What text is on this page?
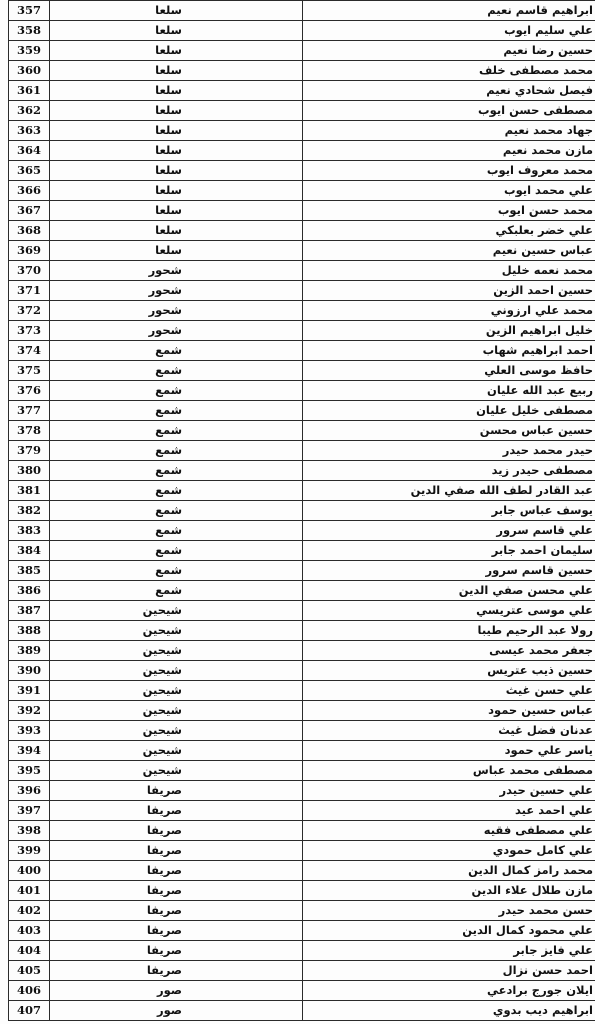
357	سلعا	ابراهيم قاسم نعيم
358	سلعا	علي سليم ايوب
359	سلعا	حسين رضا نعيم
360	سلعا	محمد مصطفى خلف
361	سلعا	فيصل شحادي نعيم
362	سلعا	مصطفى حسن ايوب
363	سلعا	جهاد محمد نعيم
364	سلعا	مازن محمد نعيم
365	سلعا	محمد معروف ايوب
366	سلعا	علي محمد ايوب
367	سلعا	محمد حسن ايوب
368	سلعا	علي خضر بعلبكي
369	سلعا	عباس حسين نعيم
370	شحور	محمد نعمه خليل
371	شحور	حسين احمد الزين
372	شحور	محمد علي ارزوني
373	شحور	خليل ابراهيم الزين
374	شمع	احمد ابراهيم شهاب
375	شمع	حافظ موسى العلي
376	شمع	ربيع عبد الله عليان
377	شمع	مصطفى خليل عليان
378	شمع	حسين عباس محسن
379	شمع	حيدر محمد حيدر
380	شمع	مصطفى حيدر زيد
381	شمع	عبد القادر لطف الله صفي الدين
382	شمع	يوسف عباس جابر
383	شمع	علي قاسم سرور
384	شمع	سليمان احمد جابر
385	شمع	حسين قاسم سرور
386	شمع	علي محسن صفي الدين
387	شيحين	علي موسى عتريسي
388	شيحين	رولا عبد الرحيم طيبا
389	شيحين	جعفر محمد عيسى
390	شيحين	حسين ذيب عتريس
391	شيحين	علي حسن غيث
392	شيحين	عباس حسين حمود
393	شيحين	عدنان فضل غيث
394	شيحين	ياسر علي حمود
395	شيحين	مصطفى محمد عباس
396	صريفا	علي حسين حيدر
397	صريفا	علي احمد عيد
398	صريفا	علي مصطفى فقيه
399	صريفا	علي كامل حمودي
400	صريفا	محمد رامز كمال الدين
401	صريفا	مازن طلال علاء الدين
402	صريفا	حسن محمد حيدر
403	صريفا	علي محمود كمال الدين
404	صريفا	علي فايز جابر
405	صريفا	احمد حسن نزال
406	صور	ايلان جورج برادعي
407	صور	ابراهيم ديب بدوي
